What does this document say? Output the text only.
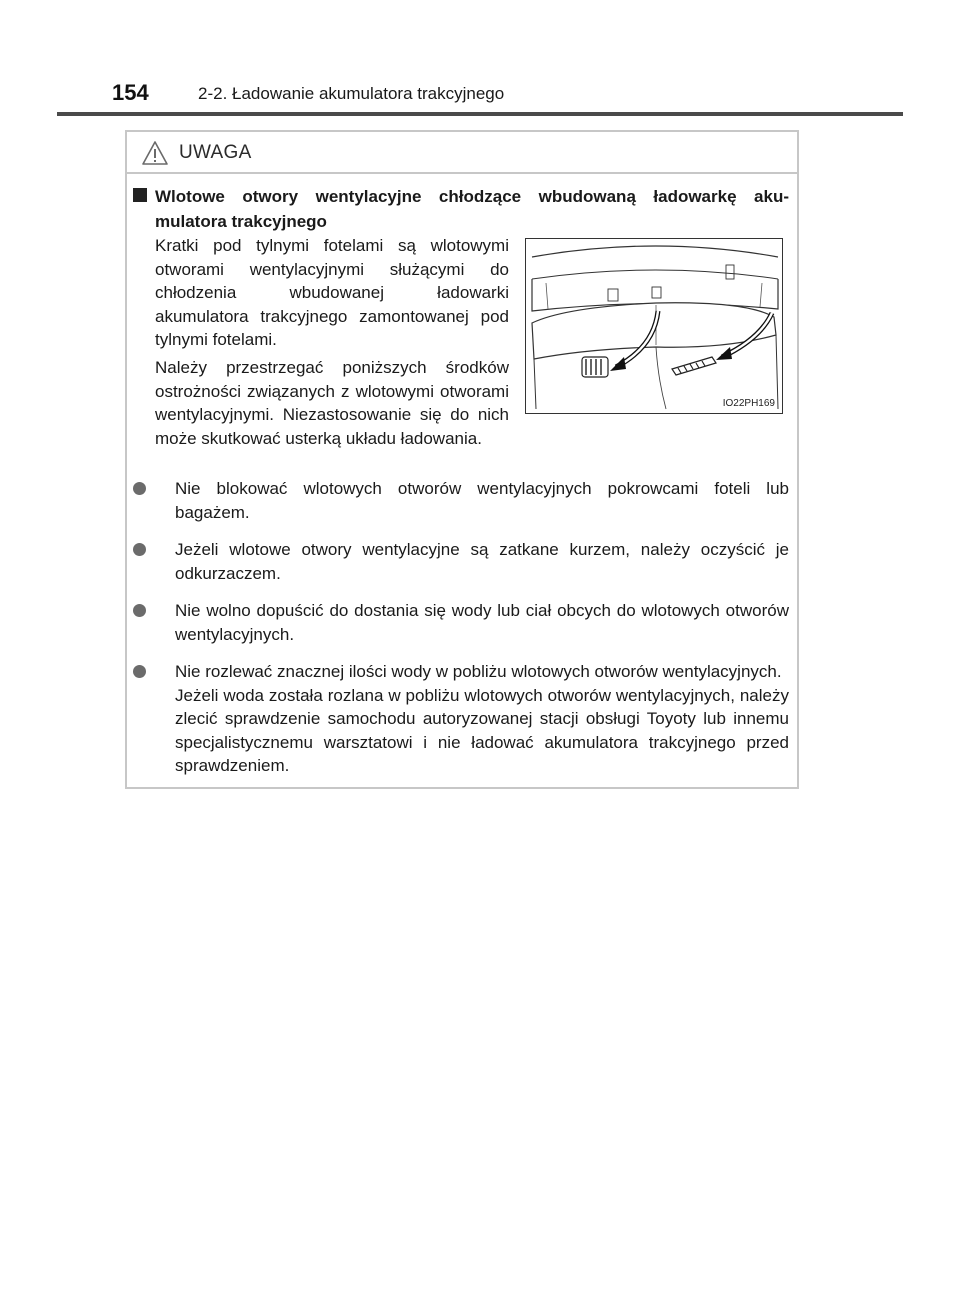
154	2-2. Ładowanie akumulatora trakcyjnego
UWAGA
Wlotowe otwory wentylacyjne chłodzące wbudowaną ładowarkę aku-
mulatora trakcyjnego

Kratki pod tylnymi fotelami są wlotowymi otworami wentylacyjnymi służącymi do chłodzenia wbudowanej ładowarki akumulatora trakcyjnego zamontowanej pod tylnymi fotelami.

Należy przestrzegać poniższych środków ostrożności związanych z wlotowymi otworami wentylacyjnymi. Niezastosowanie się do nich może skutkować usterką układu ładowania.

IO22PH169
Nie blokować wlotowych otworów wentylacyjnych pokrowcami foteli lub bagażem.
Jeżeli wlotowe otwory wentylacyjne są zatkane kurzem, należy oczyścić je odkurzaczem.
Nie wolno dopuścić do dostania się wody lub ciał obcych do wlotowych otworów wentylacyjnych.
Nie rozlewać znacznej ilości wody w pobliżu wlotowych otworów wentylacyjnych.
Jeżeli woda została rozlana w pobliżu wlotowych otworów wentylacyjnych, należy zlecić sprawdzenie samochodu autoryzowanej stacji obsługi Toyoty lub innemu specjalistycznemu warsztatowi i nie ładować akumulatora trakcyjnego przed sprawdzeniem.
